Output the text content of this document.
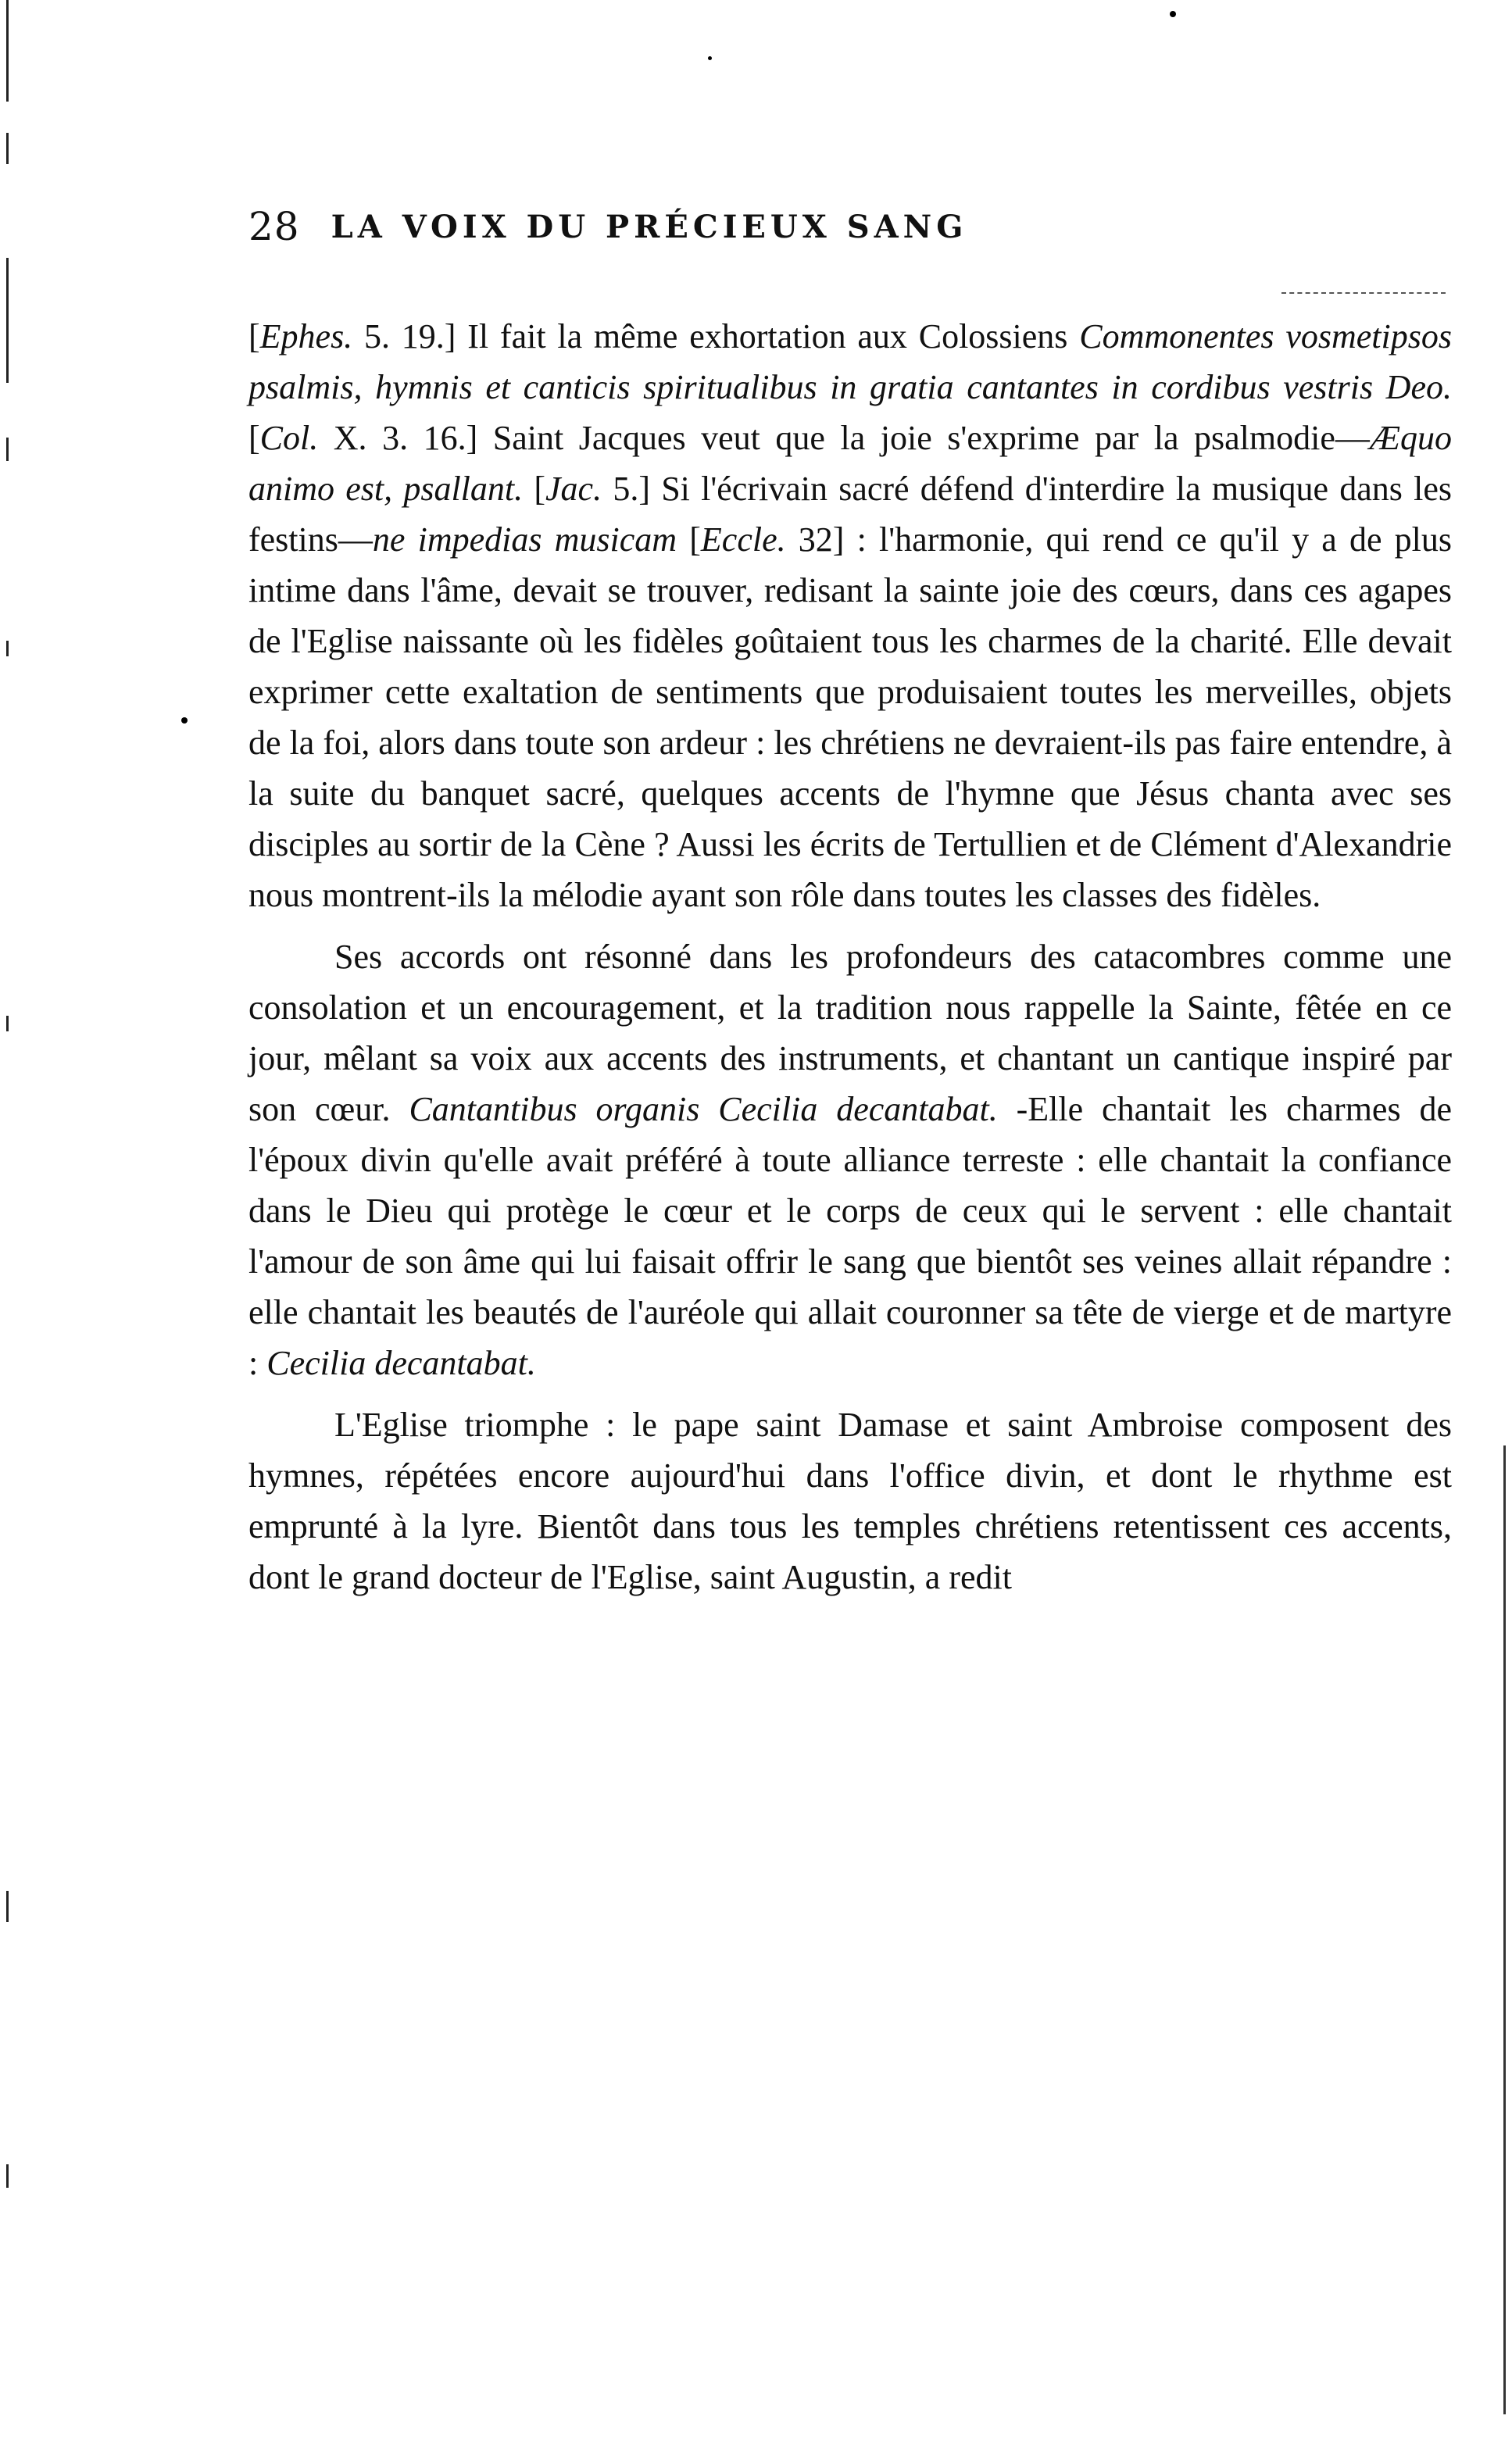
28 LA VOIX DU PRÉCIEUX SANG

[Ephes. 5. 19.] Il fait la même exhortation aux Colossiens Commonentes vosmetipsos psalmis, hymnis et canticis spiritualibus in gratia cantantes in cordibus vestris Deo. [Col. X. 3. 16.] Saint Jacques veut que la joie s'exprime par la psalmodie—Æquo animo est, psallant. [Jac. 5.] Si l'écrivain sacré défend d'interdire la musique dans les festins—ne impedias musicam [Eccle. 32] : l'harmonie, qui rend ce qu'il y a de plus intime dans l'âme, devait se trouver, redisant la sainte joie des cœurs, dans ces agapes de l'Eglise naissante où les fidèles goûtaient tous les charmes de la charité. Elle devait exprimer cette exaltation de sentiments que produisaient toutes les merveilles, objets de la foi, alors dans toute son ardeur : les chrétiens ne devraient-ils pas faire entendre, à la suite du banquet sacré, quelques accents de l'hymne que Jésus chanta avec ses disciples au sortir de la Cène ? Aussi les écrits de Tertullien et de Clément d'Alexandrie nous montrent-ils la mélodie ayant son rôle dans toutes les classes des fidèles.

Ses accords ont résonné dans les profondeurs des catacombres comme une consolation et un encouragement, et la tradition nous rappelle la Sainte, fêtée en ce jour, mêlant sa voix aux accents des instruments, et chantant un cantique inspiré par son cœur. Cantantibus organis Cecilia decantabat. -Elle chantait les charmes de l'époux divin qu'elle avait préféré à toute alliance terreste : elle chantait la confiance dans le Dieu qui protège le cœur et le corps de ceux qui le servent : elle chantait l'amour de son âme qui lui faisait offrir le sang que bientôt ses veines allait répandre : elle chantait les beautés de l'auréole qui allait couronner sa tête de vierge et de martyre : Cecilia decantabat.

L'Eglise triomphe : le pape saint Damase et saint Ambroise composent des hymnes, répétées encore aujourd'hui dans l'office divin, et dont le rhythme est emprunté à la lyre. Bientôt dans tous les temples chrétiens retentissent ces accents, dont le grand docteur de l'Eglise, saint Augustin, a redit
